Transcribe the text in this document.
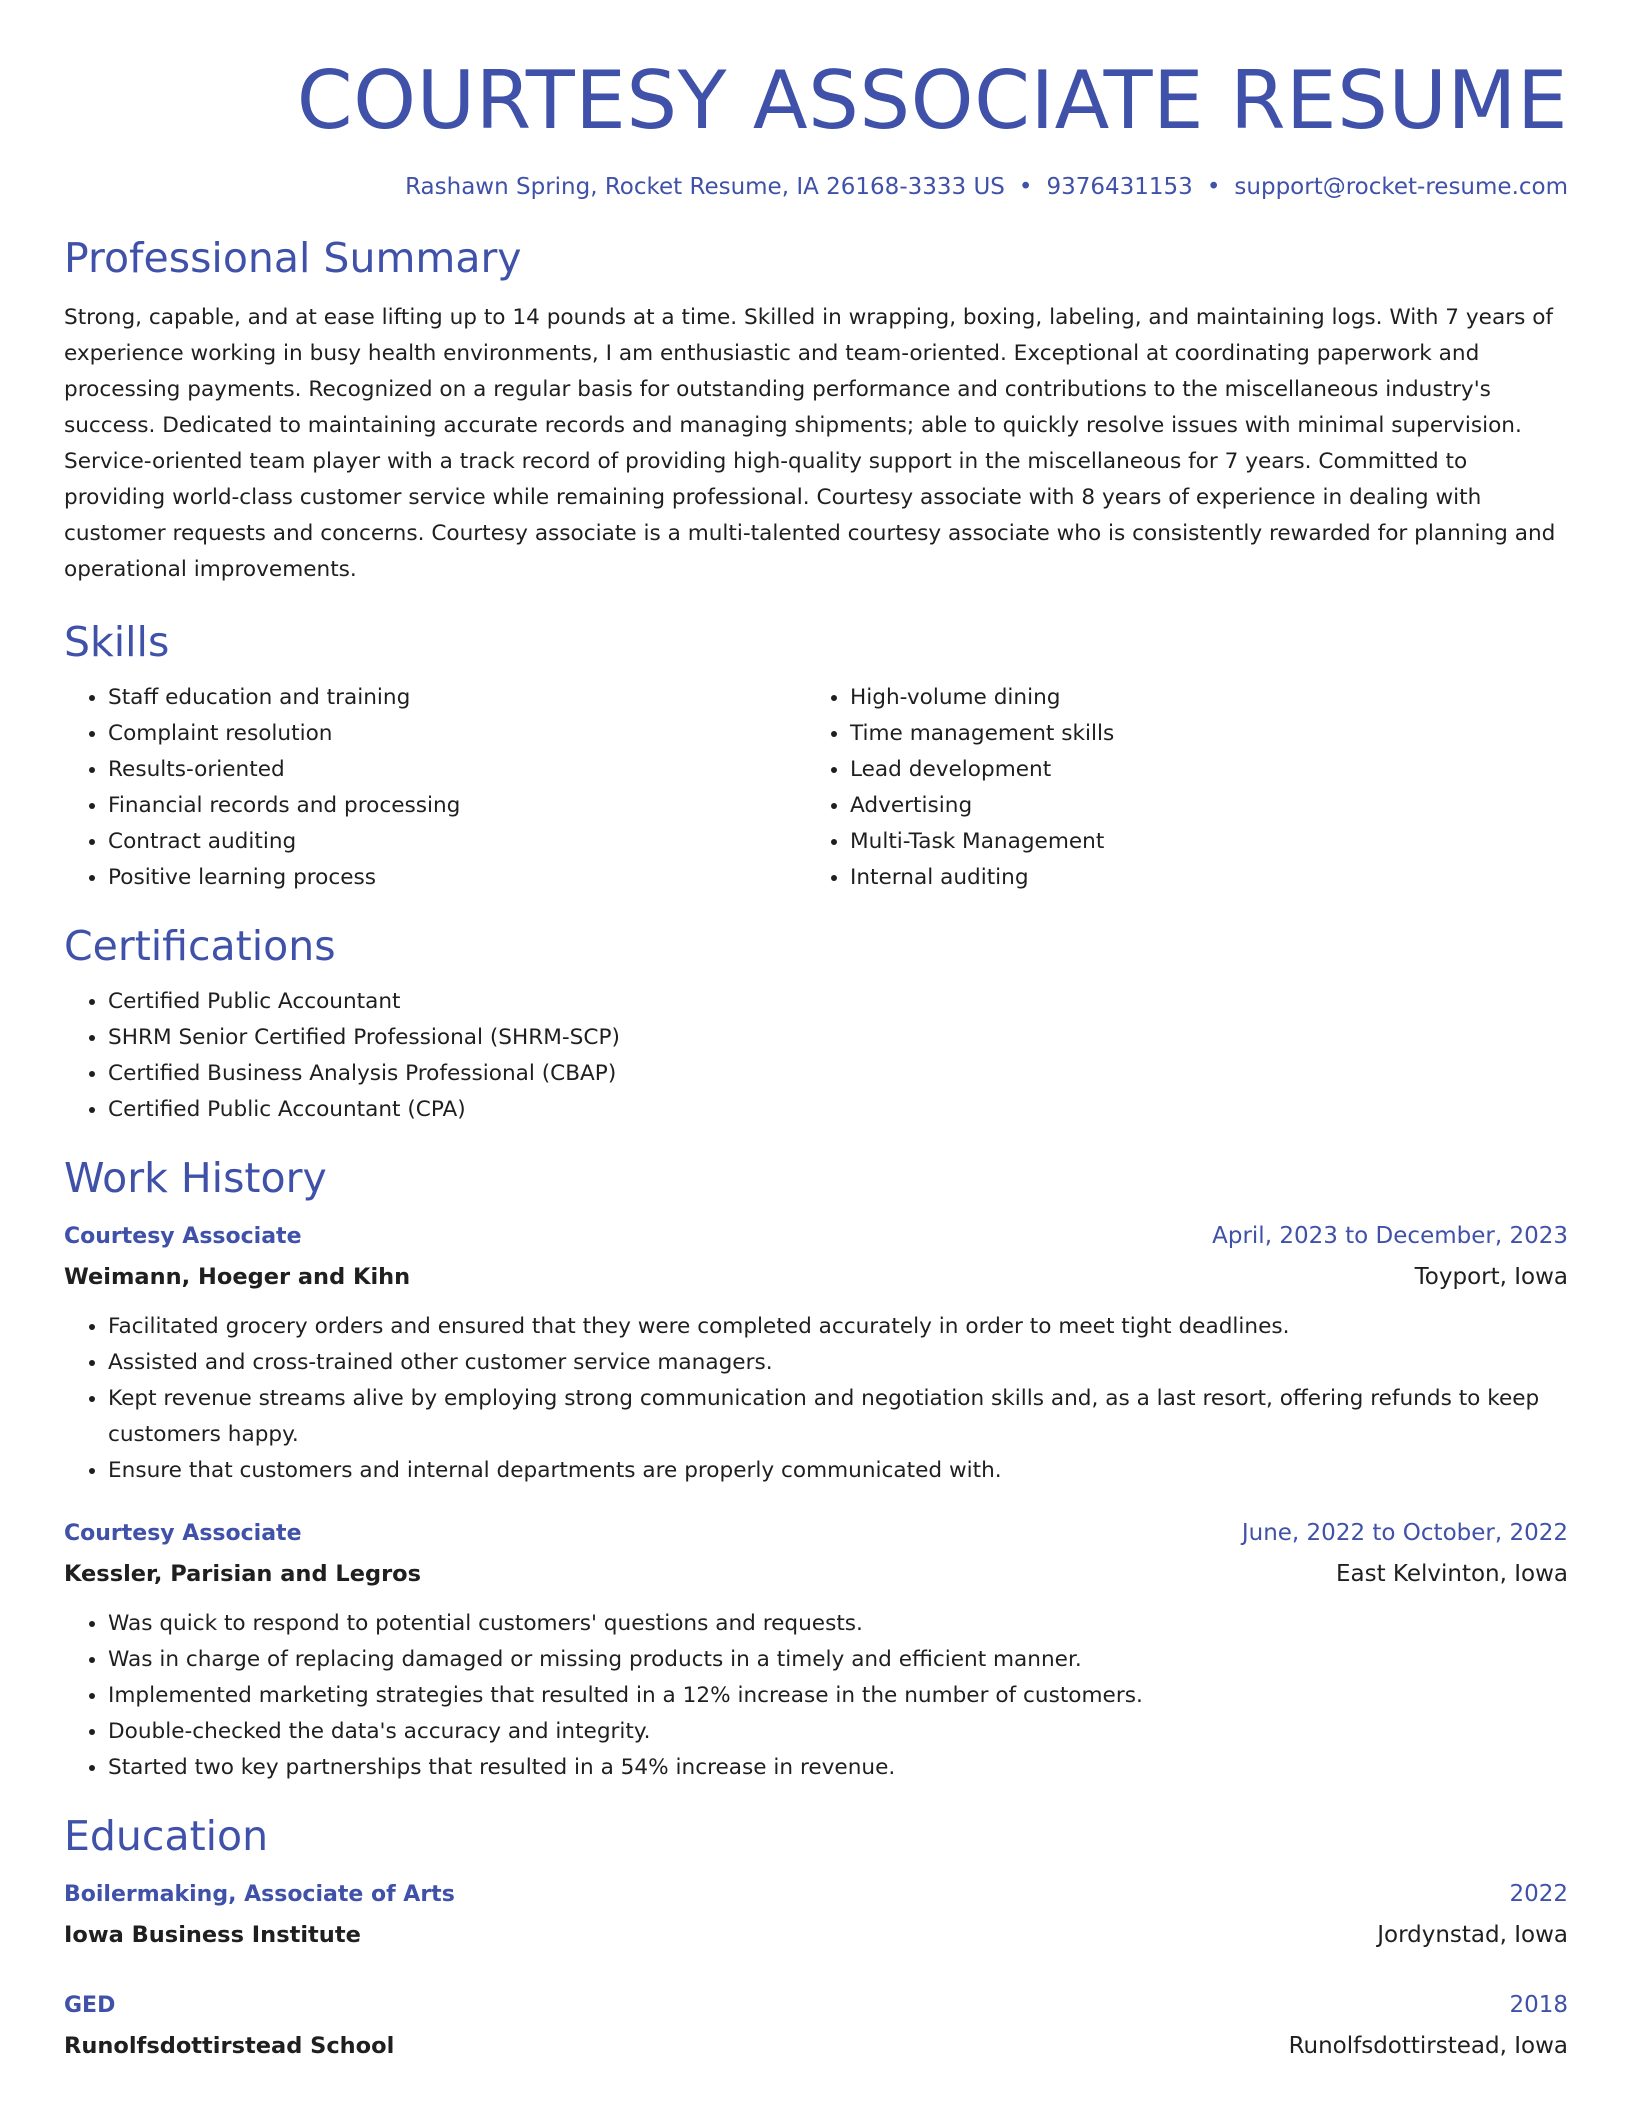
COURTESY ASSOCIATE RESUME
Rashawn Spring, Rocket Resume, IA 26168-3333 US • 9376431153 • support@rocket-resume.com
Professional Summary

Strong, capable, and at ease lifting up to 14 pounds at a time. Skilled in wrapping, boxing, labeling, and maintaining logs. With 7 years of experience working in busy health environments, I am enthusiastic and team-oriented. Exceptional at coordinating paperwork and processing payments. Recognized on a regular basis for outstanding performance and contributions to the miscellaneous industry's success. Dedicated to maintaining accurate records and managing shipments; able to quickly resolve issues with minimal supervision. Service-oriented team player with a track record of providing high-quality support in the miscellaneous for 7 years. Committed to providing world-class customer service while remaining professional. Courtesy associate with 8 years of experience in dealing with customer requests and concerns. Courtesy associate is a multi-talented courtesy associate who is consistently rewarded for planning and operational improvements.

Skills
• Staff education and training
• Complaint resolution
• Results-oriented
• Financial records and processing
• Contract auditing
• Positive learning process
• High-volume dining
• Time management skills
• Lead development
• Advertising
• Multi-Task Management
• Internal auditing
Certifications
• Certified Public Accountant
• SHRM Senior Certified Professional (SHRM-SCP)
• Certified Business Analysis Professional (CBAP)
• Certified Public Accountant (CPA)
Work History
Courtesy Associate	April, 2023 to December, 2023
Weimann, Hoeger and Kihn	Toyport, Iowa
• Facilitated grocery orders and ensured that they were completed accurately in order to meet tight deadlines.
• Assisted and cross-trained other customer service managers.
• Kept revenue streams alive by employing strong communication and negotiation skills and, as a last resort, offering refunds to keep customers happy.
• Ensure that customers and internal departments are properly communicated with.
Courtesy Associate	June, 2022 to October, 2022
Kessler, Parisian and Legros	East Kelvinton, Iowa
• Was quick to respond to potential customers' questions and requests.
• Was in charge of replacing damaged or missing products in a timely and efficient manner.
• Implemented marketing strategies that resulted in a 12% increase in the number of customers.
• Double-checked the data's accuracy and integrity.
• Started two key partnerships that resulted in a 54% increase in revenue.
Education
Boilermaking, Associate of Arts	2022
Iowa Business Institute	Jordynstad, Iowa
GED	2018
Runolfsdottirstead School	Runolfsdottirstead, Iowa
